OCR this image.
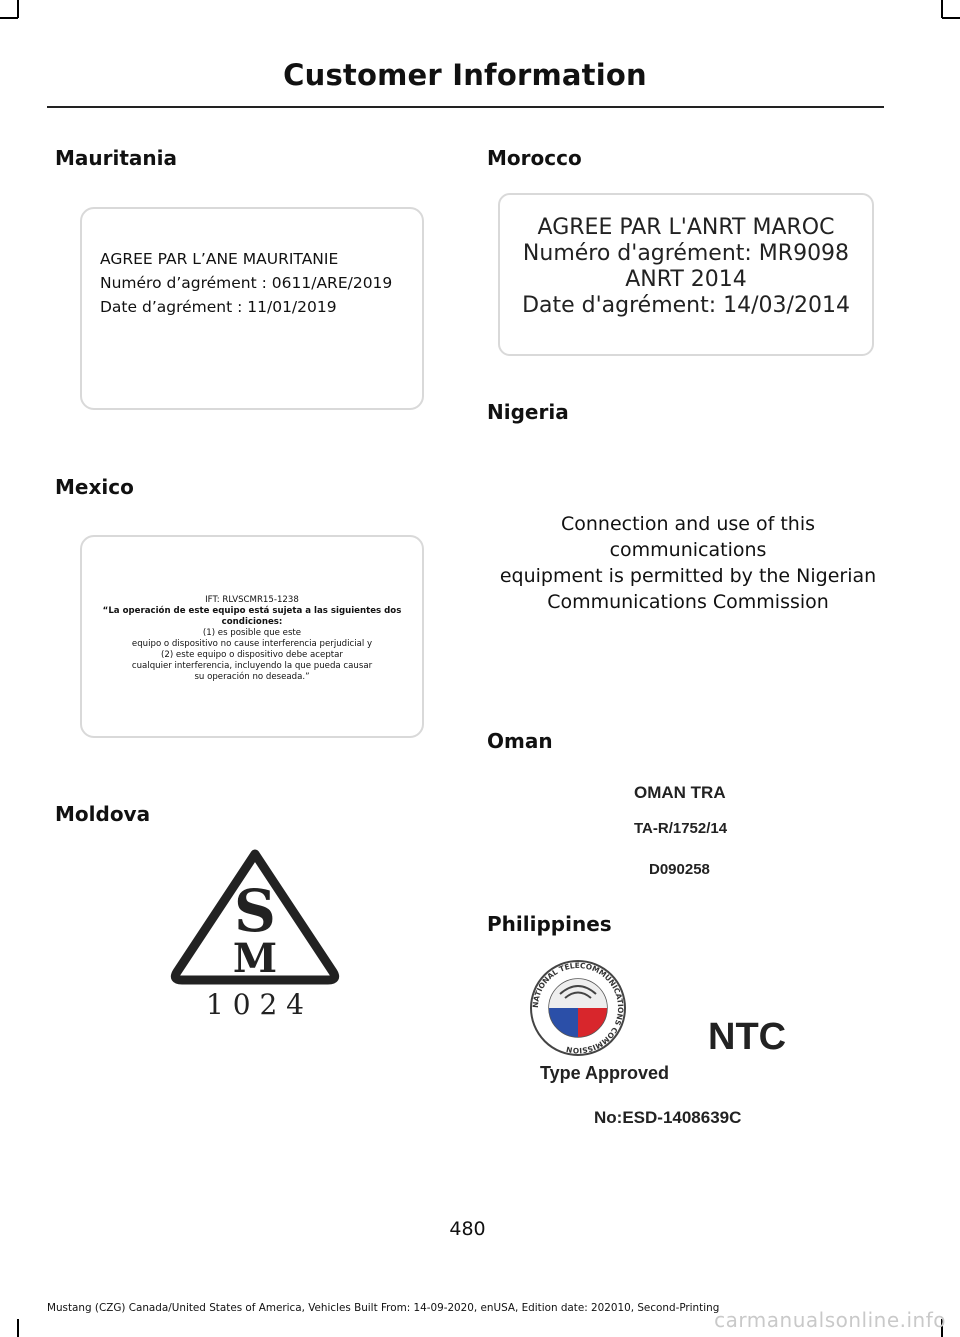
Customer Information
Mauritania
AGREE PAR L’ANE MAURITANIE
Numéro d’agrément : 0611/ARE/2019
Date d’agrément : 11/01/2019
Mexico
IFT: RLVSCMR15-1238
“La operación de este equipo está sujeta a las siguientes dos condiciones:
(1) es posible que este
equipo o dispositivo no cause interferencia perjudicial y
(2) este equipo o dispositivo debe aceptar
cualquier interferencia, incluyendo la que pueda causar
su operación no deseada.”
Moldova
S
M
1 0 2 4
Morocco
AGREE PAR L'ANRT MAROC
Numéro d'agrément: MR9098
ANRT 2014
Date d'agrément: 14/03/2014
Nigeria
Connection and use of this
communications
equipment is permitted by the Nigerian
Communications Commission
Oman
OMAN TRA
TA-R/1752/14
D090258
Philippines
NATIONAL TELECOMMUNICATIONS COMMISSION	NTC
Type Approved
No:ESD-1408639C
480
Mustang (CZG) Canada/United States of America, Vehicles Built From: 14-09-2020, enUSA, Edition date: 202010, Second-Printing
carmanualsonline.info
